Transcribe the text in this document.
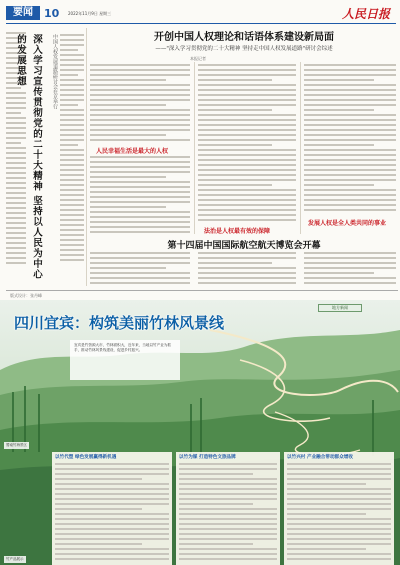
要闻	10 2022年11月9日 星期三	人民日报
深入学习宣传贯彻党的二十大精神 坚持以人民为中心的发展思想	中国人权发展道路研讨会在京举行	开创中国人权理论和话语体系建设新局面
——"深入学习贯彻党的二十大精神 坚持走中国人权发展道路"研讨会综述
本报记者
人民幸福生活是最大的人权
法治是人权最有效的保障
发展人权是全人类共同的事业
第十四届中国国际航空航天博览会开幕
版式设计：张丹峰
地方新闻
四川宜宾：构筑美丽竹林风景线
宜宾是竹资源大市，竹林面积大，近年来，当地以竹产业为抓手，推动竹林风景线建设，促进乡村振兴。
以竹代塑 绿色发展赢得新机遇	以竹为媒 打造特色文旅品牌	以竹兴村 产业融合带动群众增收
蜀南竹海景区
竹产品展示
